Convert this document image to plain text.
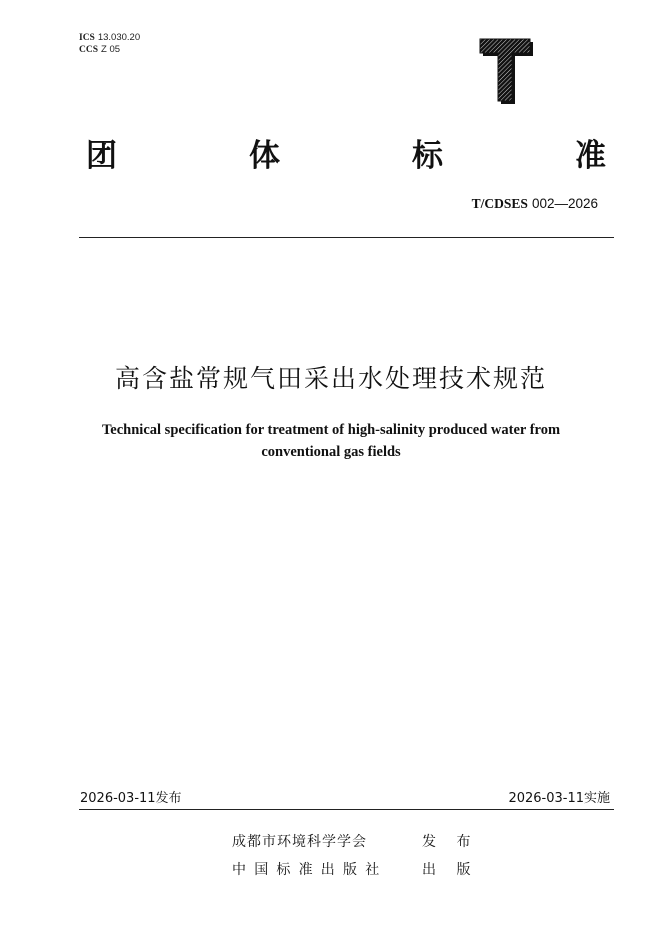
ICS 13.030.20
CCS Z 05
团	体	标	准
T/CDSES 002—2026
高含盐常规气田采出水处理技术规范
Technical specification for treatment of high-salinity produced water from
conventional gas fields
2026-03-11发布	2026-03-11实施
成都市环境科学学会	发 布
中国标准出版社	出 版
